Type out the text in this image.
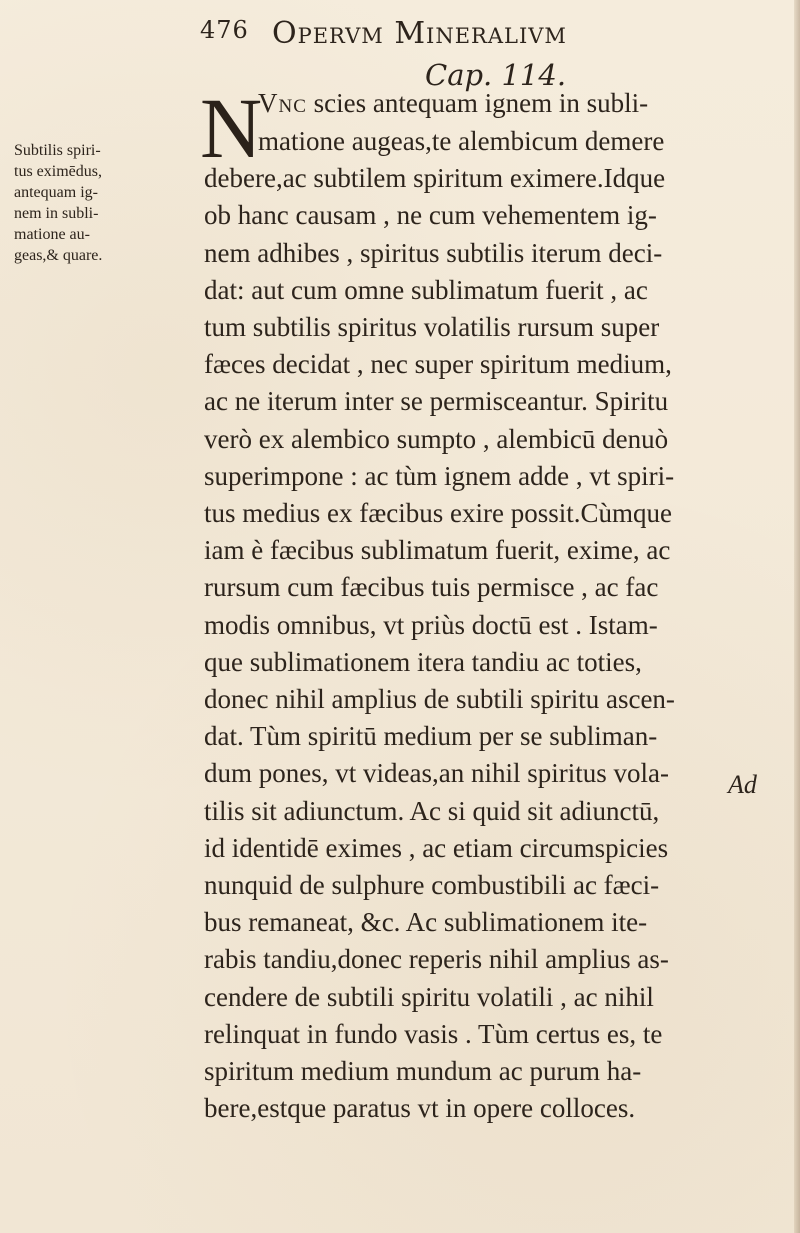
476 Opervm Mineralivm
Cap. 114.
N
Vnc scies antequam ignem in subli-
matione augeas,te alembicum demere
debere,ac subtilem spiritum eximere.Idque
ob hanc causam , ne cum vehementem ig-
nem adhibes , spiritus subtilis iterum deci-
dat: aut cum omne sublimatum fuerit , ac
tum subtilis spiritus volatilis rursum super
fæces decidat , nec super spiritum medium,
ac ne iterum inter se permisceantur. Spiritu
verò ex alembico sumpto , alembicū denuò
superimpone : ac tùm ignem adde , vt spiri-
tus medius ex fæcibus exire possit.Cùmque
iam è fæcibus sublimatum fuerit, exime, ac
rursum cum fæcibus tuis permisce , ac fac
modis omnibus, vt priùs doctū est . Istam-
que sublimationem itera tandiu ac toties,
donec nihil amplius de subtili spiritu ascen-
dat. Tùm spiritū medium per se subliman-
dum pones, vt videas,an nihil spiritus vola-
tilis sit adiunctum. Ac si quid sit adiunctū,
id identidē eximes , ac etiam circumspicies
nunquid de sulphure combustibili ac fæci-
bus remaneat, &c. Ac sublimationem ite-
rabis tandiu,donec reperis nihil amplius as-
cendere de subtili spiritu volatili , ac nihil
relinquat in fundo vasis . Tùm certus es, te
spiritum medium mundum ac purum ha-
bere,estque paratus vt in opere colloces.
Subtilis spiri-
tus eximēdus,
antequam ig-
nem in subli-
matione au-
geas,& quare.
Ad
